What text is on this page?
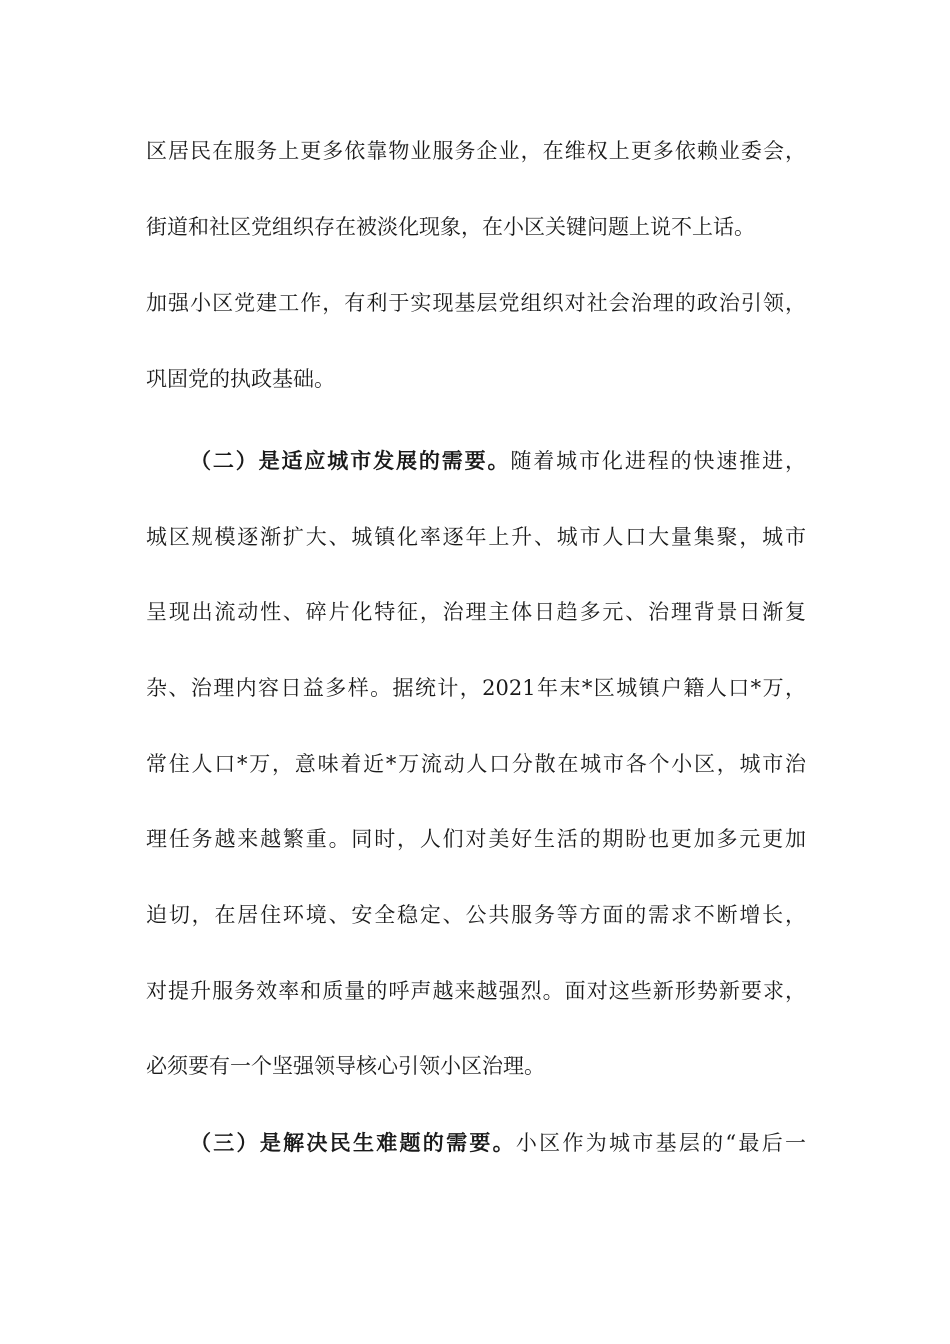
区居民在服务上更多依靠物业服务企业，在维权上更多依赖业委会，
街道和社区党组织存在被淡化现象，在小区关键问题上说不上话。
加强小区党建工作，有利于实现基层党组织对社会治理的政治引领，
巩固党的执政基础。
（二）是适应城市发展的需要。随着城市化进程的快速推进，
城区规模逐渐扩大、城镇化率逐年上升、城市人口大量集聚，城市
呈现出流动性、碎片化特征，治理主体日趋多元、治理背景日渐复
杂、治理内容日益多样。据统计，2021年末*区城镇户籍人口*万，
常住人口*万，意味着近*万流动人口分散在城市各个小区，城市治
理任务越来越繁重。同时，人们对美好生活的期盼也更加多元更加
迫切，在居住环境、安全稳定、公共服务等方面的需求不断增长，
对提升服务效率和质量的呼声越来越强烈。面对这些新形势新要求，
必须要有一个坚强领导核心引领小区治理。
（三）是解决民生难题的需要。小区作为城市基层的“最后一
